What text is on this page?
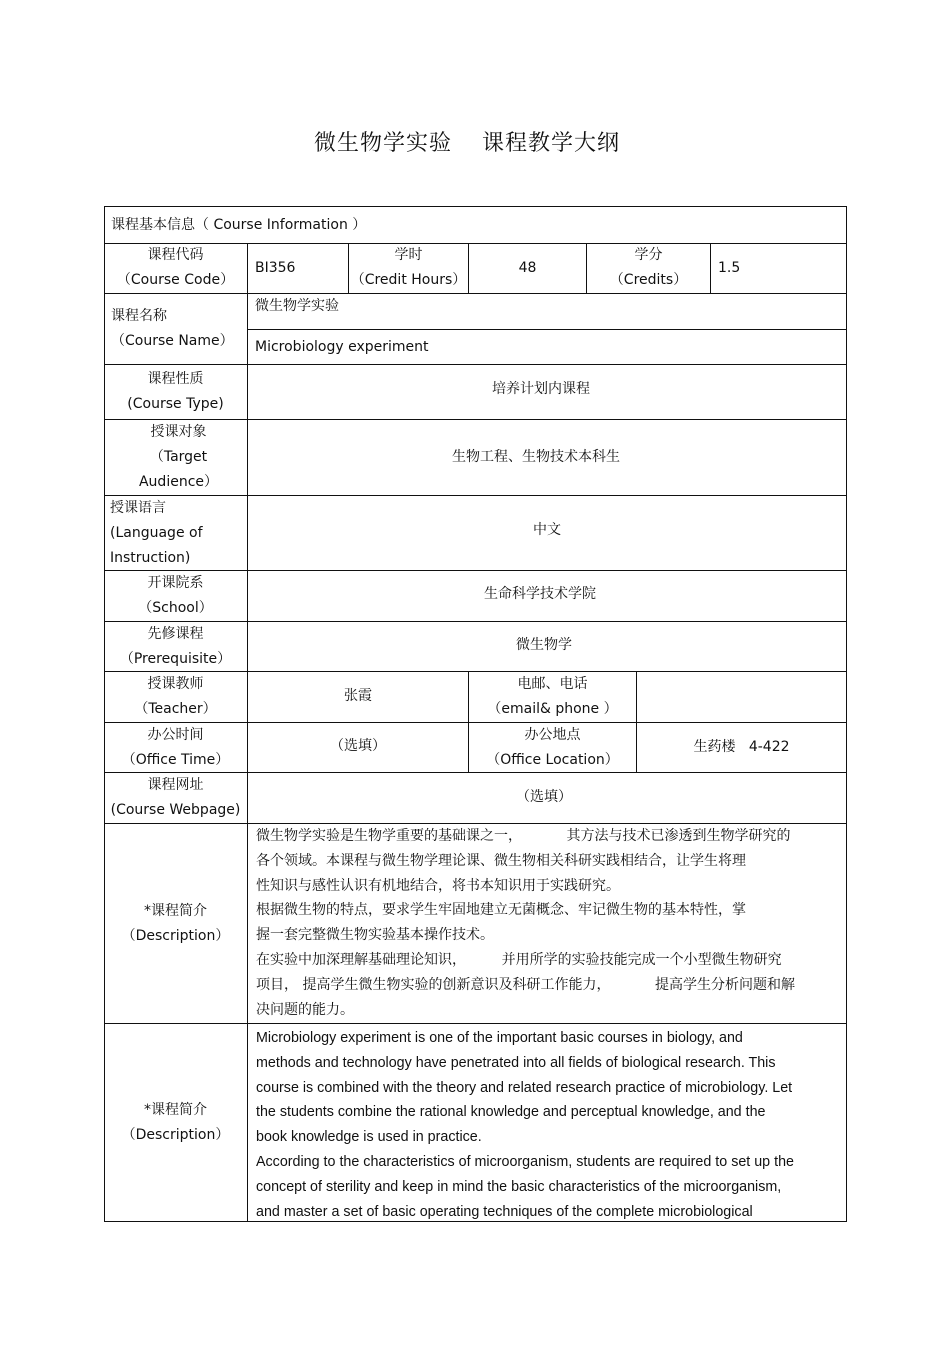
微生物学实验 课程教学大纲
课程基本信息（ Course Information ）
课程代码
（Course Code）
BI356
学时
（Credit Hours）
48
学分
（Credits）
1.5
课程名称
（Course Name）
微生物学实验
Microbiology experiment
课程性质
(Course Type)
培养计划内课程
授课对象
（Target
Audience）
生物工程、生物技术本科生
授课语言
(Language of
Instruction)
中文
开课院系
（School）
生命科学技术学院
先修课程
（Prerequisite）
微生物学
授课教师
（Teacher）
张霞
电邮、电话
（email& phone ）
办公时间
（Office Time）
（选填）
办公地点
（Office Location）
生药楼   4-422
课程网址
(Course Webpage)
（选填）
*课程简介
（Description）
微生物学实验是生物学重要的基础课之一，          其方法与技术已渗透到生物学研究的
各个领域。本课程与微生物学理论课、微生物相关科研实践相结合，让学生将理
性知识与感性认识有机地结合，将书本知识用于实践研究。
根据微生物的特点，要求学生牢固地建立无菌概念、牢记微生物的基本特性，掌
握一套完整微生物实验基本操作技术。
在实验中加深理解基础理论知识，        并用所学的实验技能完成一个小型微生物研究
项目， 提高学生微生物实验的创新意识及科研工作能力，          提高学生分析问题和解
决问题的能力。
*课程简介
（Description）
Microbiology experiment is one of the important basic courses in biology, and
methods and technology have penetrated into all fields of biological research. This
course is combined with the theory and related research practice of microbiology. Let
the students combine the rational knowledge and perceptual knowledge, and the
book knowledge is used in practice.
According to the characteristics of microorganism, students are required to set up the
concept of sterility and keep in mind the basic characteristics of the microorganism,
and master a set of basic operating techniques of the complete microbiological
